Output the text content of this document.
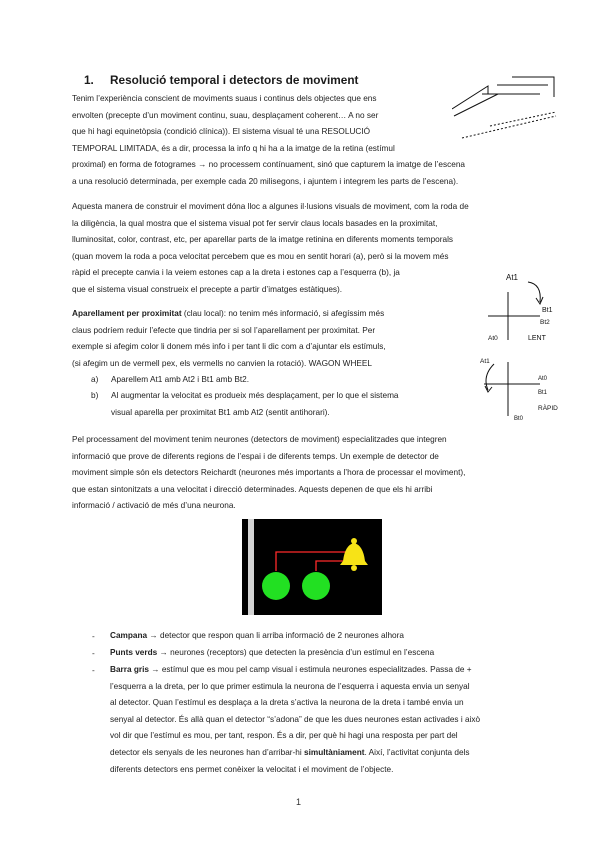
1. Resolució temporal i detectors de moviment
Tenim l’experiència conscient de moviments suaus i continus dels objectes que ens
envolten (precepte d’un moviment continu, suau, desplaçament coherent… A no ser
que hi hagi equinetòpsia (condició clínica)). El sistema visual té una RESOLUCIÓ
TEMPORAL LIMITADA, és a dir, processa la info q hi ha a la imatge de la retina (estímul
proximal) en forma de fotogrames → no processem contínuament, sinó que capturem la imatge de l’escena
a una resolució determinada, per exemple cada 20 milisegons, i ajuntem i integrem les parts de l’escena).
Aquesta manera de construir el moviment dóna lloc a algunes il·lusions visuals de moviment, com la roda de
la diligència, la qual mostra que el sistema visual pot fer servir claus locals basades en la proximitat,
lluminositat, color, contrast, etc, per aparellar parts de la imatge retinina en diferents moments temporals
(quan movem la roda a poca velocitat percebem que es mou en sentit horari (a), però si la movem més
ràpid el precepte canvia i la veiem estones cap a la dreta i estones cap a l’esquerra (b), ja
que el sistema visual construeix el precepte a partir d’imatges estàtiques).
At1
Bt1
Bt2
At0	LENT
Aparellament per proximitat (clau local): no tenim més informació, si afegíssim més
claus podríem reduir l’efecte que tindria per si sol l’aparellament per proximitat. Per
exemple si afegim color li donem més info i per tant li dic com a d’ajuntar els estímuls,
(si afegim un de vermell pex, els vermells no canvien la rotació). WAGON WHEEL
a) Aparellem At1 amb At2 i Bt1 amb Bt2.
b) Al augmentar la velocitat es produeix més desplaçament, per lo que el sistema
visual aparella per proximitat Bt1 amb At2 (sentit antihorari).
At1
At0
Bt1
RÀPID
Bt0
Pel processament del moviment tenim neurones (detectors de moviment) especialitzades que integren
informació que prove de diferents regions de l’espai i de diferents temps. Un exemple de detector de
moviment simple són els detectors Reichardt (neurones més importants a l’hora de processar el moviment),
que estan sintonitzats a una velocitat i direcció determinades. Aquests depenen de que els hi arribi
informació / activació de més d’una neurona.
- Campana → detector que respon quan li arriba informació de 2 neurones alhora
- Punts verds → neurones (receptors) que detecten la presència d’un estímul en l’escena
- Barra gris → estímul que es mou pel camp visual i estimula neurones especialitzades. Passa de +
l’esquerra a la dreta, per lo que primer estimula la neurona de l’esquerra i aquesta envia un senyal
al detector. Quan l’estímul es desplaça a la dreta s’activa la neurona de la dreta i també envia un
senyal al detector. És allà quan el detector “s’adona” de que les dues neurones estan activades i això
vol dir que l’estímul es mou, per tant, respon. És a dir, per què hi hagi una resposta per part del
detector els senyals de les neurones han d’arribar-hi simultàniament. Així, l’activitat conjunta dels
diferents detectors ens permet conèixer la velocitat i el moviment de l’objecte.
1
